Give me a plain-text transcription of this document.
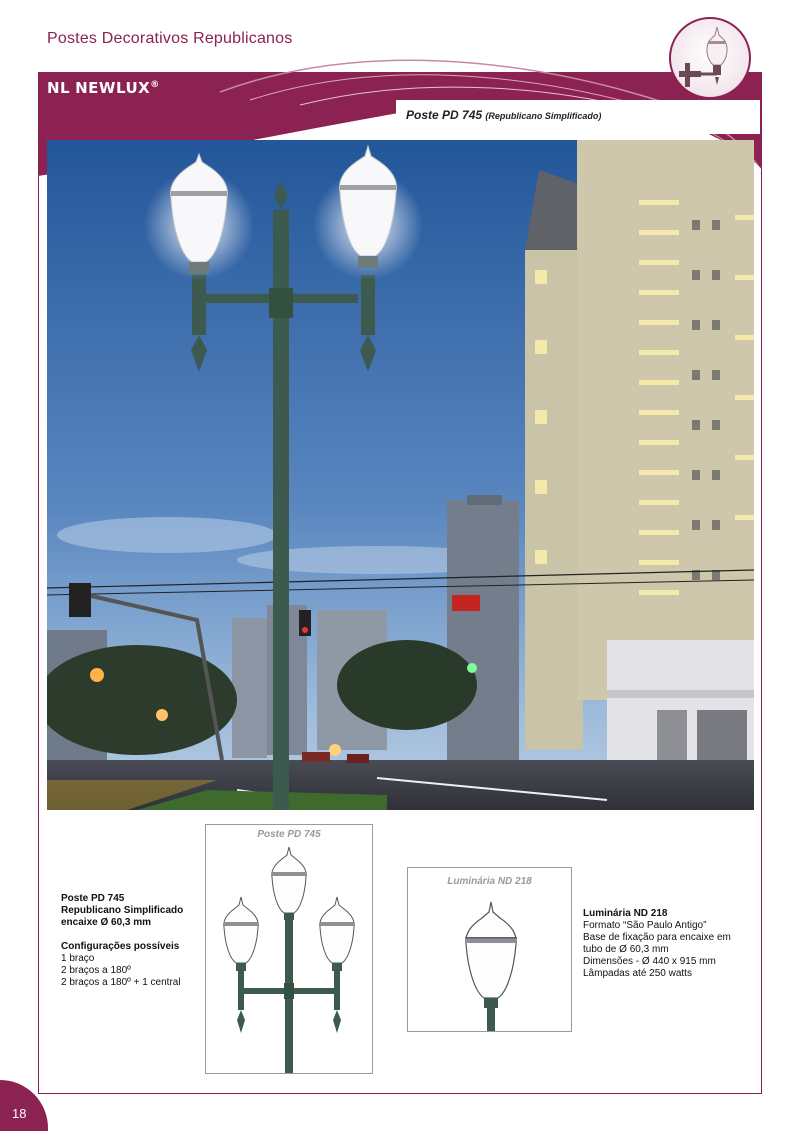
Postes Decorativos Republicanos
NL NEWLUX®
Poste PD 745 (Republicano Simplificado)
Poste PD 745
Republicano Simplificado
encaixe Ø 60,3 mm
Configurações possíveis
1 braço
2 braços a 180º
2 braços a 180º + 1 central
Poste PD 745
Luminária ND 218
Luminária ND 218
Formato “São Paulo Antigo”
Base de fixação para encaixe em
tubo de Ø 60,3 mm
Dimensões - Ø 440 x 915 mm
Lâmpadas até 250 watts
18
